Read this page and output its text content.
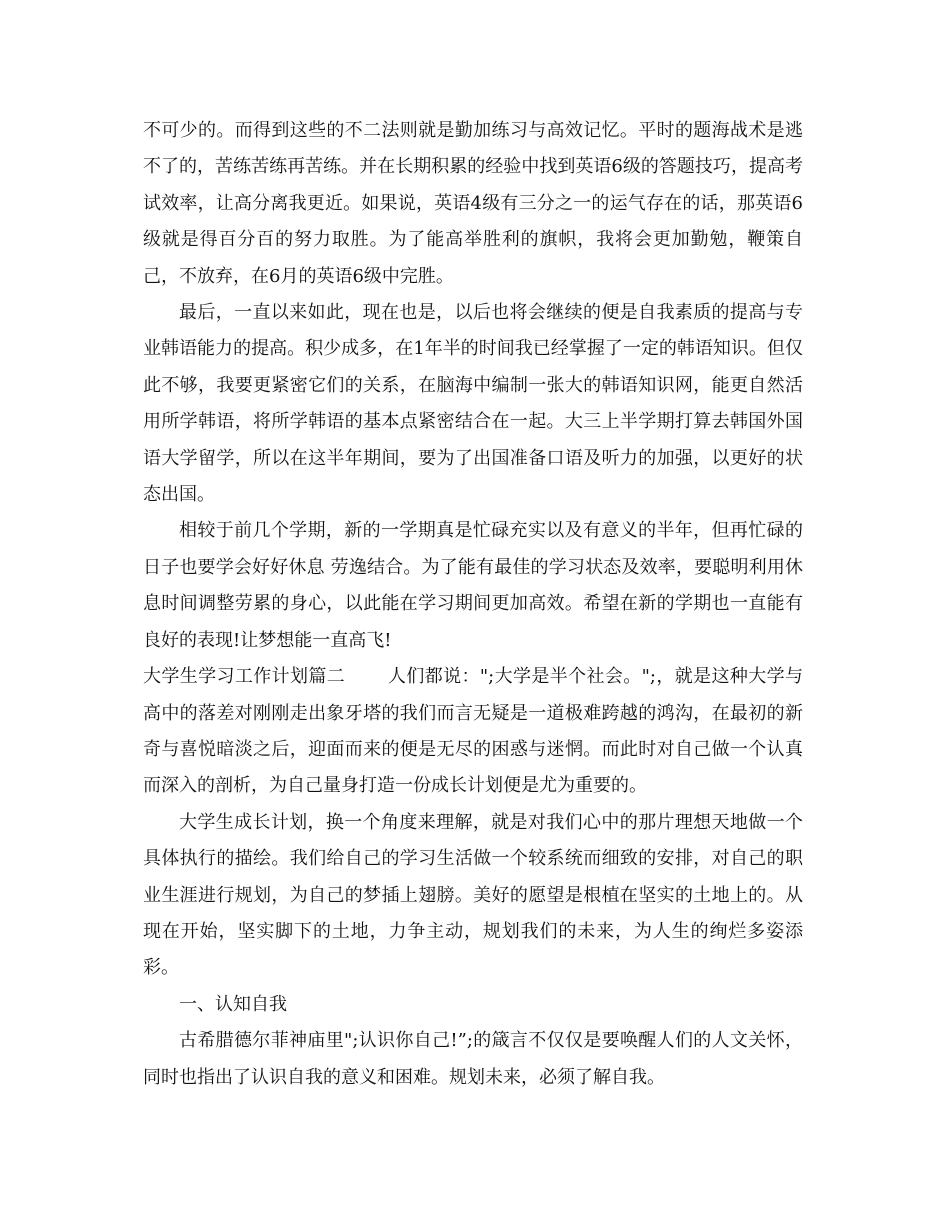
不可少的。而得到这些的不二法则就是勤加练习与高效记忆。平时的题海战术是逃不了的，苦练苦练再苦练。并在长期积累的经验中找到英语6级的答题技巧，提高考试效率，让高分离我更近。如果说，英语4级有三分之一的运气存在的话，那英语6级就是得百分百的努力取胜。为了能高举胜利的旗帜，我将会更加勤勉，鞭策自己，不放弃，在6月的英语6级中完胜。

最后，一直以来如此，现在也是，以后也将会继续的便是自我素质的提高与专业韩语能力的提高。积少成多，在1年半的时间我已经掌握了一定的韩语知识。但仅此不够，我要更紧密它们的关系，在脑海中编制一张大的韩语知识网，能更自然活用所学韩语，将所学韩语的基本点紧密结合在一起。大三上半学期打算去韩国外国语大学留学，所以在这半年期间，要为了出国准备口语及听力的加强，以更好的状态出国。

相较于前几个学期，新的一学期真是忙碌充实以及有意义的半年，但再忙碌的日子也要学会好好休息 劳逸结合。为了能有最佳的学习状态及效率，要聪明利用休息时间调整劳累的身心，以此能在学习期间更加高效。希望在新的学期也一直能有良好的表现!让梦想能一直高飞!

大学生学习工作计划篇二　　 人们都说：";大学是半个社会。";，就是这种大学与高中的落差对刚刚走出象牙塔的我们而言无疑是一道极难跨越的鸿沟，在最初的新奇与喜悦暗淡之后，迎面而来的便是无尽的困惑与迷惘。而此时对自己做一个认真而深入的剖析，为自己量身打造一份成长计划便是尤为重要的。

大学生成长计划，换一个角度来理解，就是对我们心中的那片理想天地做一个具体执行的描绘。我们给自己的学习生活做一个较系统而细致的安排，对自己的职业生涯进行规划，为自己的梦插上翅膀。美好的愿望是根植在坚实的土地上的。从现在开始，坚实脚下的土地，力争主动，规划我们的未来，为人生的绚烂多姿添彩。

一、认知自我

古希腊德尔菲神庙里";认识你自己!”;的箴言不仅仅是要唤醒人们的人文关怀，同时也指出了认识自我的意义和困难。规划未来，必须了解自我。
